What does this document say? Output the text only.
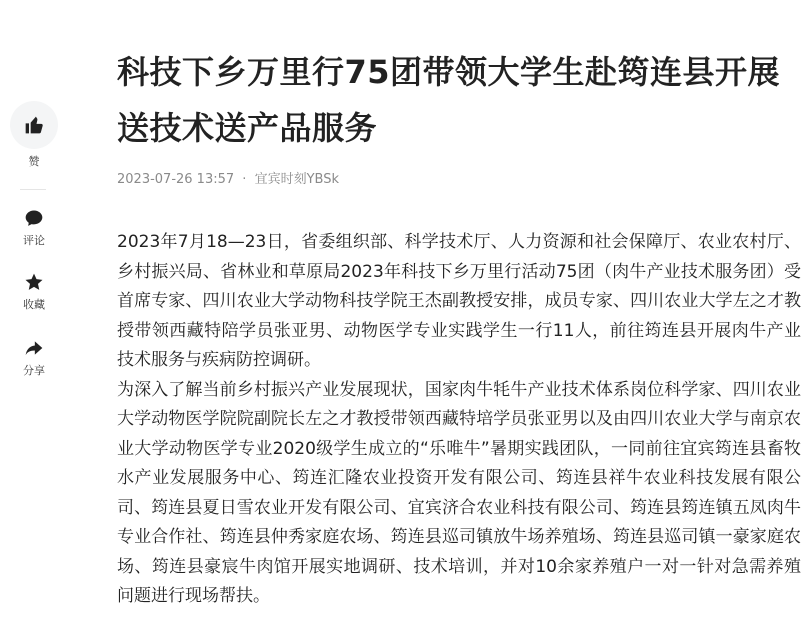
赞
评论
收藏
分享
科技下乡万里行75团带领大学生赴筠连县开展送技术送产品服务
2023-07-26 13:57 · 宜宾时刻YBSk

2023年7月18—23日，省委组织部、科学技术厅、人力资源和社会保障厅、农业农村厅、乡村振兴局、省林业和草原局2023年科技下乡万里行活动75团（肉牛产业技术服务团）受首席专家、四川农业大学动物科技学院王杰副教授安排，成员专家、四川农业大学左之才教授带领西藏特陪学员张亚男、动物医学专业实践学生一行11人，前往筠连县开展肉牛产业技术服务与疾病防控调研。

为深入了解当前乡村振兴产业发展现状，国家肉牛牦牛产业技术体系岗位科学家、四川农业大学动物医学院院副院长左之才教授带领西藏特培学员张亚男以及由四川农业大学与南京农业大学动物医学专业2020级学生成立的“乐唯牛”暑期实践团队，一同前往宜宾筠连县畜牧水产业发展服务中心、筠连汇隆农业投资开发有限公司、筠连县祥牛农业科技发展有限公司、筠连县夏日雪农业开发有限公司、宜宾济合农业科技有限公司、筠连县筠连镇五凤肉牛专业合作社、筠连县仲秀家庭农场、筠连县巡司镇放牛场养殖场、筠连县巡司镇一豪家庭农场、筠连县豪宸牛肉馆开展实地调研、技术培训，并对10余家养殖户一对一针对急需养殖问题进行现场帮扶。
